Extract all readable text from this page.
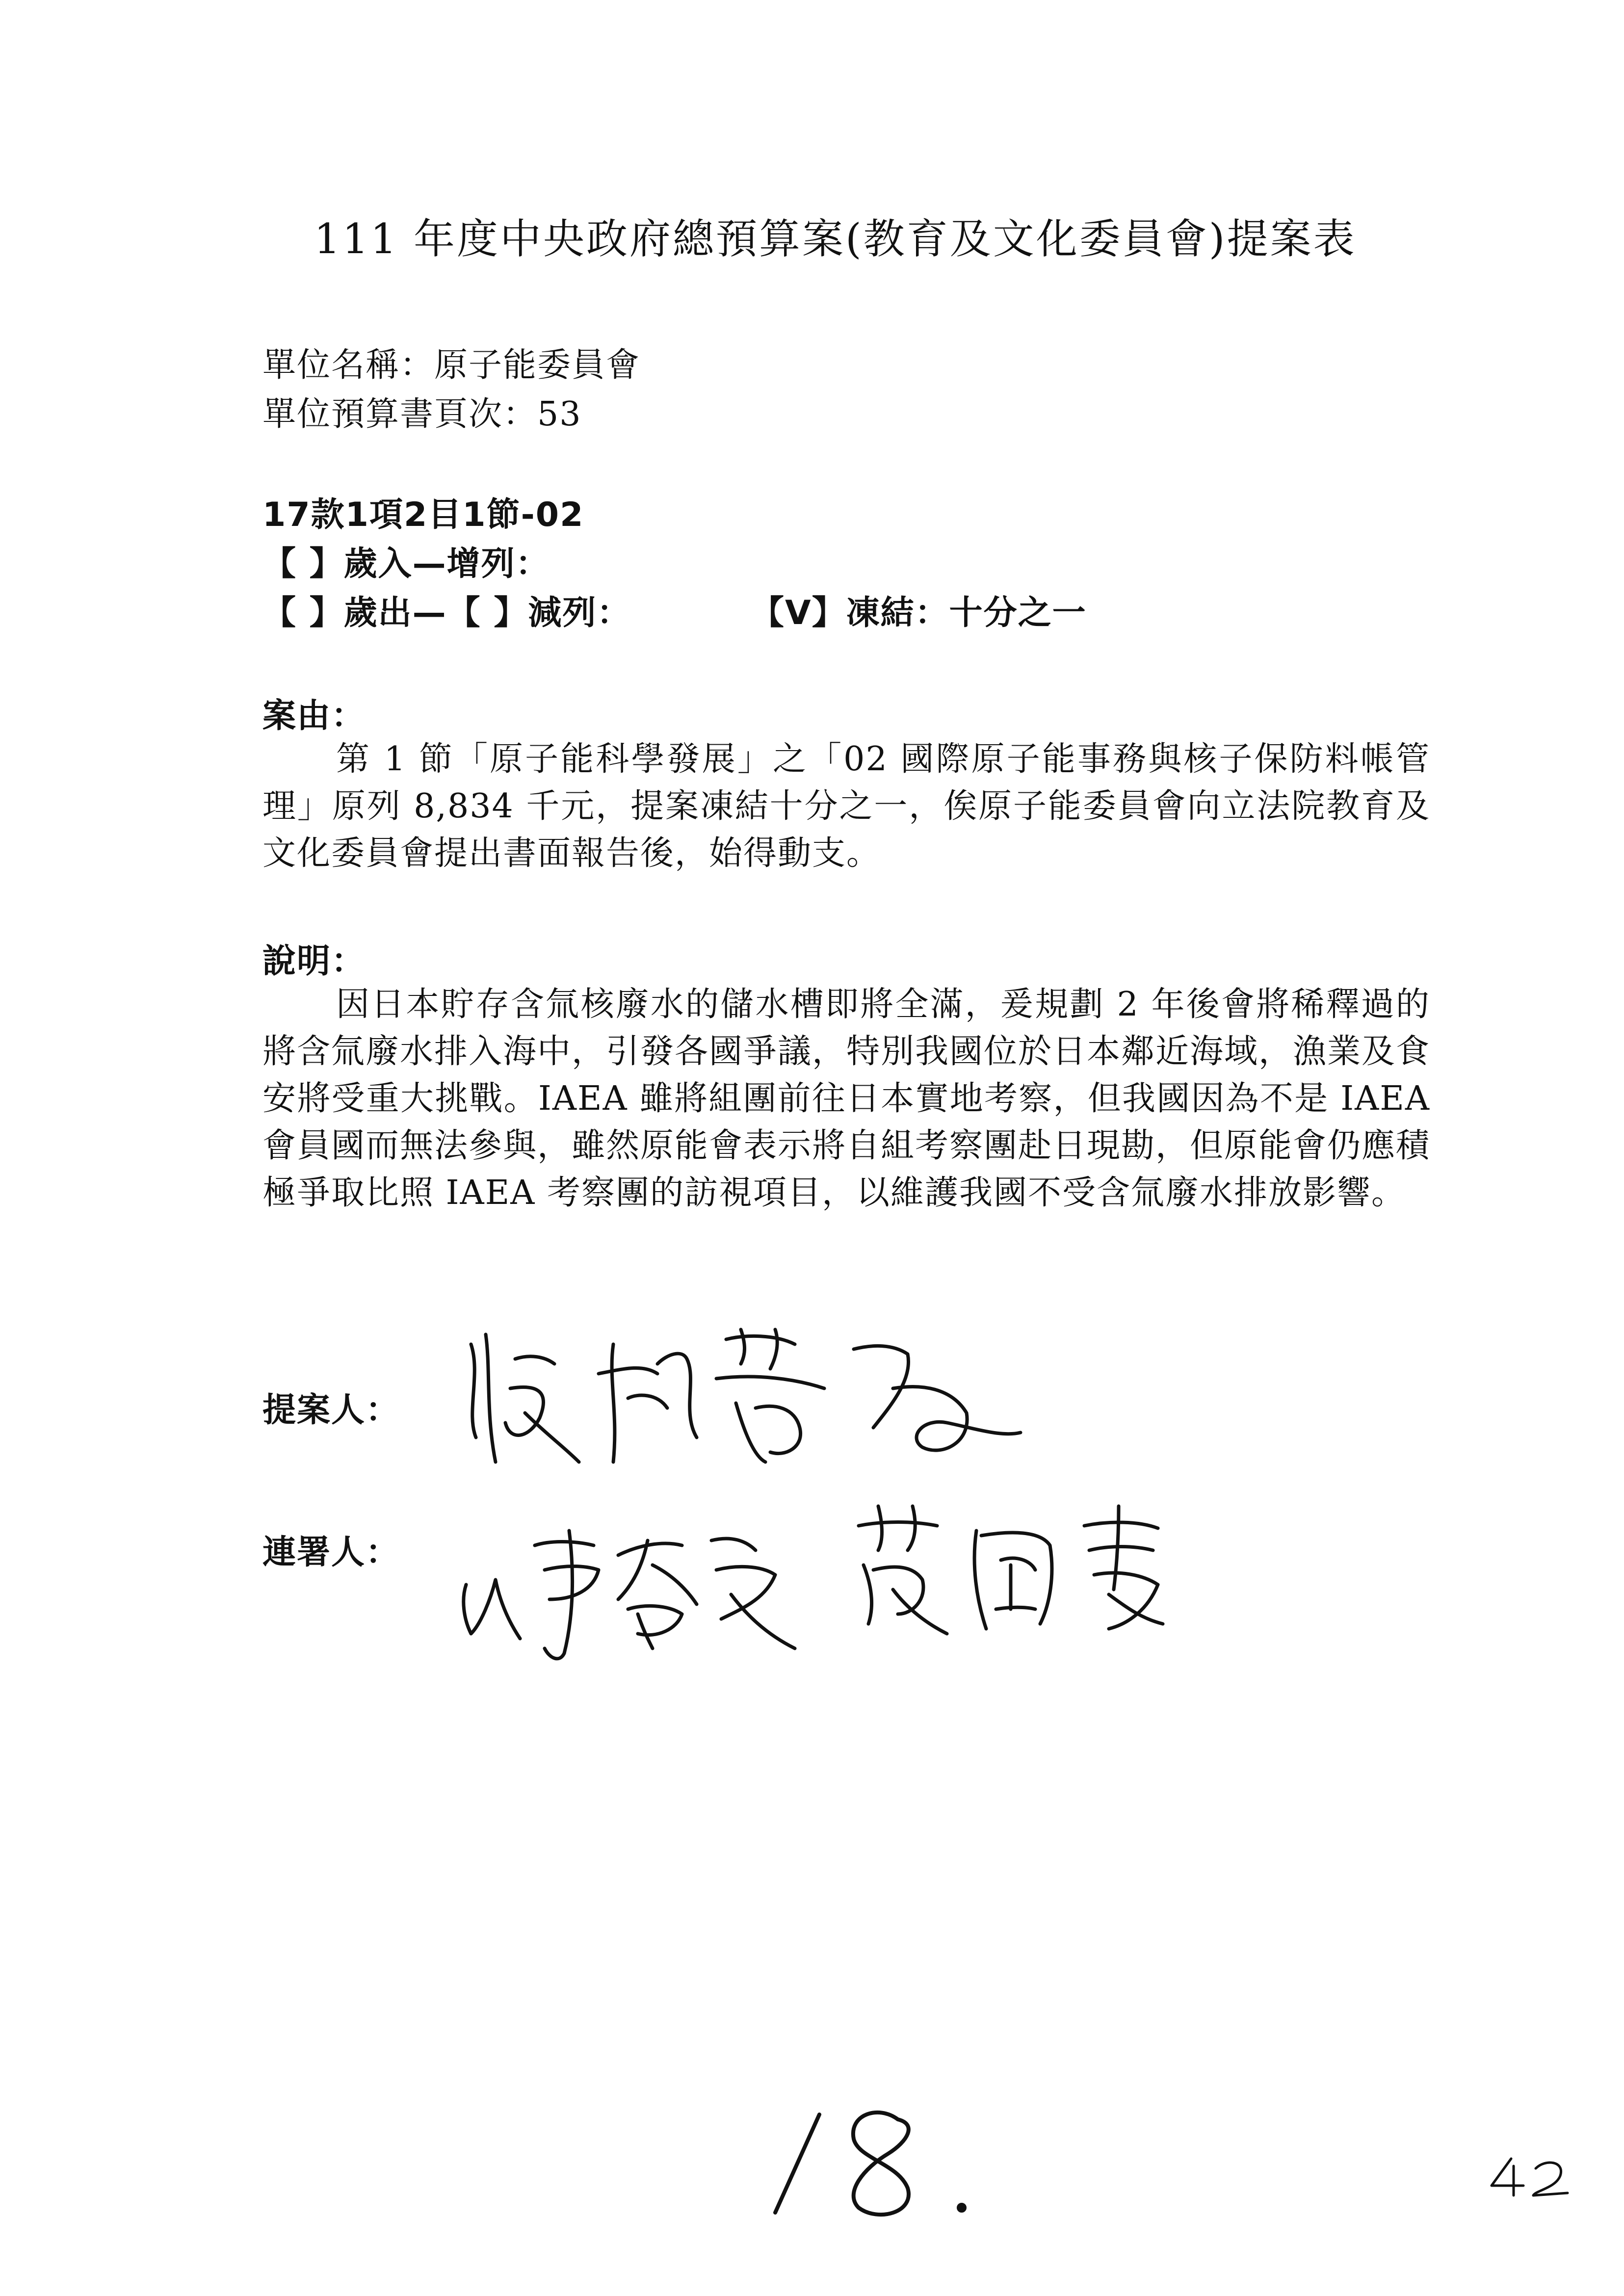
111 年度中央政府總預算案(教育及文化委員會)提案表
單位名稱：原子能委員會
單位預算書頁次：53
17款1項2目1節-02
【 】歲入—增列：
【 】歲出—【 】減列：	【V】凍結：十分之一
案由：
第 1 節「原子能科學發展」之「02 國際原子能事務與核子保防料帳管理」原列 8,834 千元，提案凍結十分之一，俟原子能委員會向立法院教育及文化委員會提出書面報告後，始得動支。
說明：
因日本貯存含氚核廢水的儲水槽即將全滿，爰規劃 2 年後會將稀釋過的將含氚廢水排入海中，引發各國爭議，特別我國位於日本鄰近海域，漁業及食安將受重大挑戰。IAEA 雖將組團前往日本實地考察，但我國因為不是 IAEA 會員國而無法參與，雖然原能會表示將自組考察團赴日現勘，但原能會仍應積極爭取比照 IAEA 考察團的訪視項目，以維護我國不受含氚廢水排放影響。
提案人：
連署人：
